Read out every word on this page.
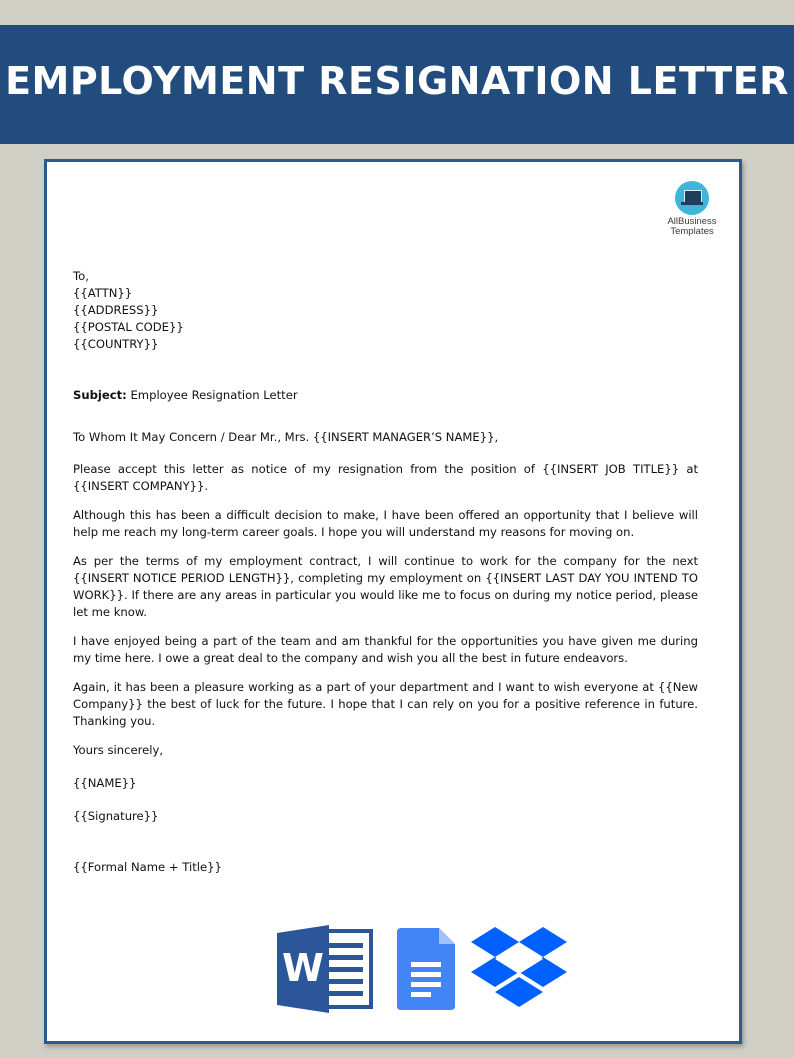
EMPLOYMENT RESIGNATION LETTER
AllBusiness
Templates

To,

{{ATTN}}

{{ADDRESS}}

{{POSTAL CODE}}

{{COUNTRY}}

Subject: Employee Resignation Letter

To Whom It May Concern / Dear Mr., Mrs. {{INSERT MANAGER’S NAME}},

Please accept this letter as notice of my resignation from the position of {{INSERT JOB TITLE}} at {{INSERT COMPANY}}.

Although this has been a difficult decision to make, I have been offered an opportunity that I believe will help me reach my long-term career goals. I hope you will understand my reasons for moving on.

As per the terms of my employment contract, I will continue to work for the company for the next {{INSERT NOTICE PERIOD LENGTH}}, completing my employment on {{INSERT LAST DAY YOU INTEND TO WORK}}. If there are any areas in particular you would like me to focus on during my notice period, please let me know.

I have enjoyed being a part of the team and am thankful for the opportunities you have given me during my time here. I owe a great deal to the company and wish you all the best in future endeavors.

Again, it has been a pleasure working as a part of your department and I want to wish everyone at {{New Company}} the best of luck for the future. I hope that I can rely on you for a positive reference in future. Thanking you.

Yours sincerely,

{{NAME}}

{{Signature}}

{{Formal Name + Title}}

W
